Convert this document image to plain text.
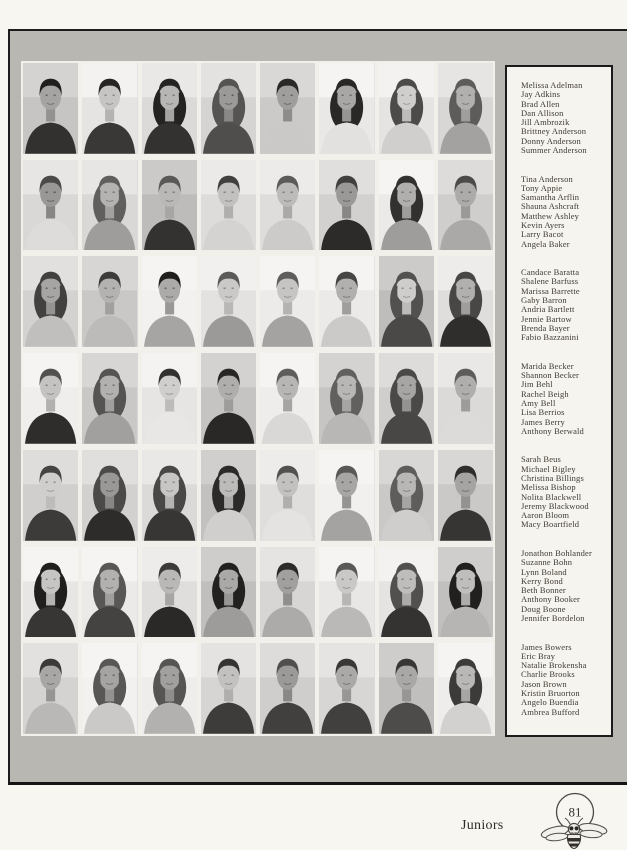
Melissa Adelman
Jay Adkins
Brad Allen
Dan Allison
Jill Ambrozik
Brittney Anderson
Donny Anderson
Summer Anderson
Tina Anderson
Tony Appie
Samantha Arflin
Shauna Ashcraft
Matthew Ashley
Kevin Ayers
Larry Bacot
Angela Baker
Candace Baratta
Shalene Barfuss
Marissa Barrette
Gaby Barron
Andria Bartlett
Jennie Bartow
Brenda Bayer
Fabio Bazzanini
Marida Becker
Shannon Becker
Jim Behl
Rachel Beigh
Amy Bell
Lisa Berrios
James Berry
Anthony Berwald
Sarah Beus
Michael Bigley
Christina Billings
Melissa Bishop
Nolita Blackwell
Jeremy Blackwood
Aaron Bloom
Macy Boartfield
Jonathon Bohlander
Suzanne Bohn
Lynn Boland
Kerry Bond
Beth Bonner
Anthony Booker
Doug Boone
Jennifer Bordelon
James Bowers
Eric Bray
Natalie Brokensha
Charlie Brooks
Jason Brown
Kristin Bruorton
Angelo Buendia
Ambrea Bufford
Juniors
81
